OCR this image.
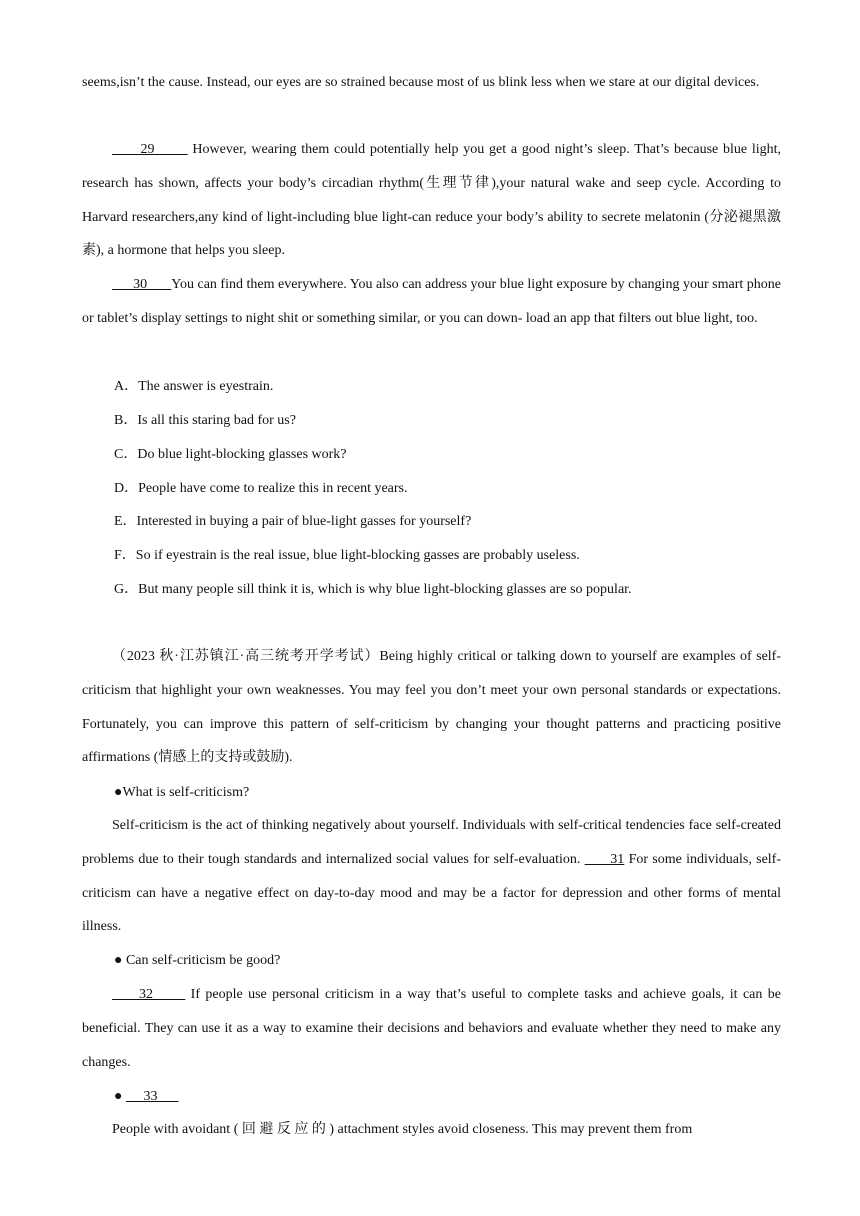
seems,isn’t the cause. Instead, our eyes are so strained because most of us blink less when we stare at our digital devices.

29        However, wearing them could potentially help you get a good night’s sleep. That’s because blue light, research has shown, affects your body’s circadian rhythm(生理节律),your natural wake and seep cycle. According to Harvard researchers,any kind of light-including blue light-can reduce your body’s ability to secrete melatonin (分泌褪黑激素), a hormone that helps you sleep.

30       You can find them everywhere. You also can address your blue light exposure by changing your smart phone or tablet’s display settings to night shit or something similar, or you can down- load an app that filters out blue light, too.

A．The answer is eyestrain.

B．Is all this staring bad for us?

C．Do blue light-blocking glasses work?

D．People have come to realize this in recent years.

E．Interested in buying a pair of blue-light gasses for yourself?

F．So if eyestrain is the real issue, blue light-blocking gasses are probably useless.

G．But many people sill think it is, which is why blue light-blocking glasses are so popular.

（2023 秋·江苏镇江·高三统考开学考试）Being highly critical or talking down to yourself are examples of self-criticism that highlight your own weaknesses. You may feel you don’t meet your own personal standards or expectations. Fortunately, you can improve this pattern of self-criticism by changing your thought patterns and practicing positive affirmations (情感上的支持或鼓励).

●What is self-criticism?

Self-criticism is the act of thinking negatively about yourself. Individuals with self-critical tendencies face self-created problems due to their tough standards and internalized social values for self-evaluation.       31 For some individuals, self-criticism can have a negative effect on day-to-day mood and may be a factor for depression and other forms of mental illness.

● Can self-criticism be good?

32       If people use personal criticism in a way that’s useful to complete tasks and achieve goals, it can be beneficial. They can use it as a way to examine their decisions and behaviors and evaluate whether they need to make any changes.

●      33

People with avoidant ( 回 避 反 应 的 ) attachment styles avoid closeness. This may prevent them from
